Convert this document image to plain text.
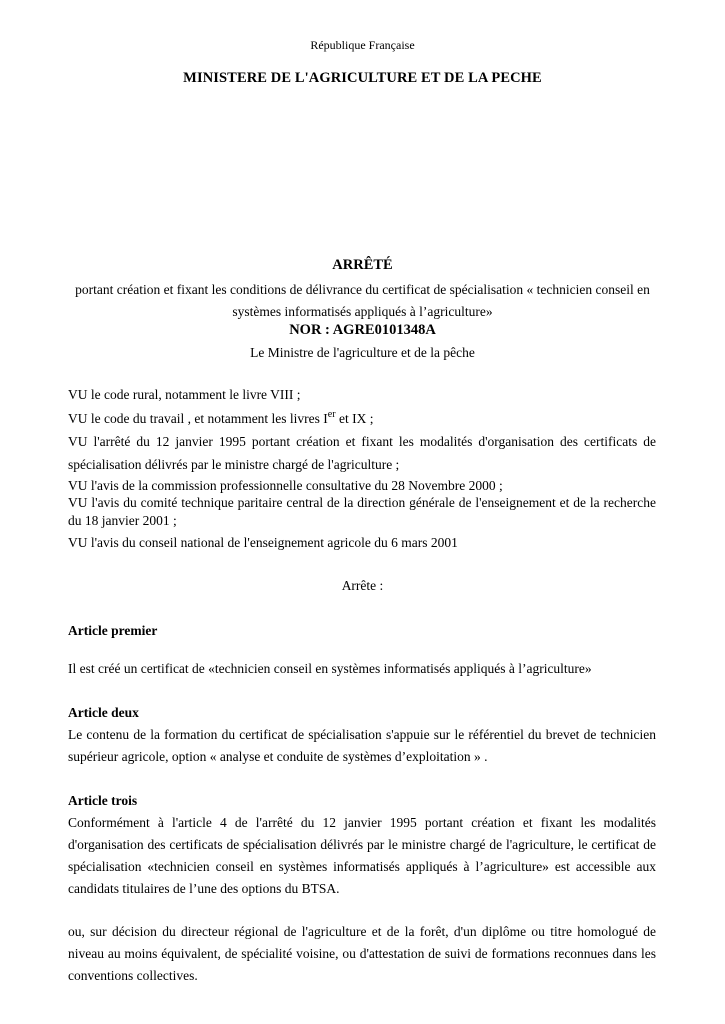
République Française
MINISTERE DE L'AGRICULTURE ET DE LA PECHE
ARRÊTÉ
portant création et fixant les conditions de délivrance du certificat de spécialisation « technicien conseil en systèmes informatisés appliqués à l’agriculture»
NOR : AGRE0101348A
Le Ministre de l'agriculture et de la pêche
VU le code rural, notamment le livre VIII ;
VU le code du travail , et notamment les livres Ier et IX ;
VU l'arrêté du 12 janvier 1995 portant création et fixant les modalités d'organisation des certificats de
spécialisation délivrés par le ministre chargé de l'agriculture ;
VU l'avis de la commission professionnelle consultative du 28 Novembre 2000 ;
VU l'avis du comité technique paritaire central de la direction générale de l'enseignement et de la recherche
du 18 janvier 2001 ;
VU l'avis du conseil national de l'enseignement agricole du 6 mars 2001
Arrête :
Article premier
Il est créé un certificat de «technicien conseil en systèmes informatisés appliqués à l’agriculture»
Article deux
Le contenu de la formation du certificat de spécialisation s'appuie sur le référentiel du brevet de technicien
supérieur agricole, option « analyse et conduite de systèmes d’exploitation » .
Article trois
Conformément à l'article 4 de l'arrêté du 12 janvier 1995 portant création et fixant les modalités
d'organisation des certificats de spécialisation délivrés par le ministre chargé de l'agriculture, le certificat de
spécialisation «technicien conseil en systèmes informatisés appliqués à l’agriculture» est accessible aux
candidats titulaires de l’une des options du BTSA.
ou, sur décision du directeur régional de l'agriculture et de la forêt, d'un diplôme ou titre homologué de
niveau au moins équivalent, de spécialité voisine, ou d'attestation de suivi de formations reconnues dans les
conventions collectives.
